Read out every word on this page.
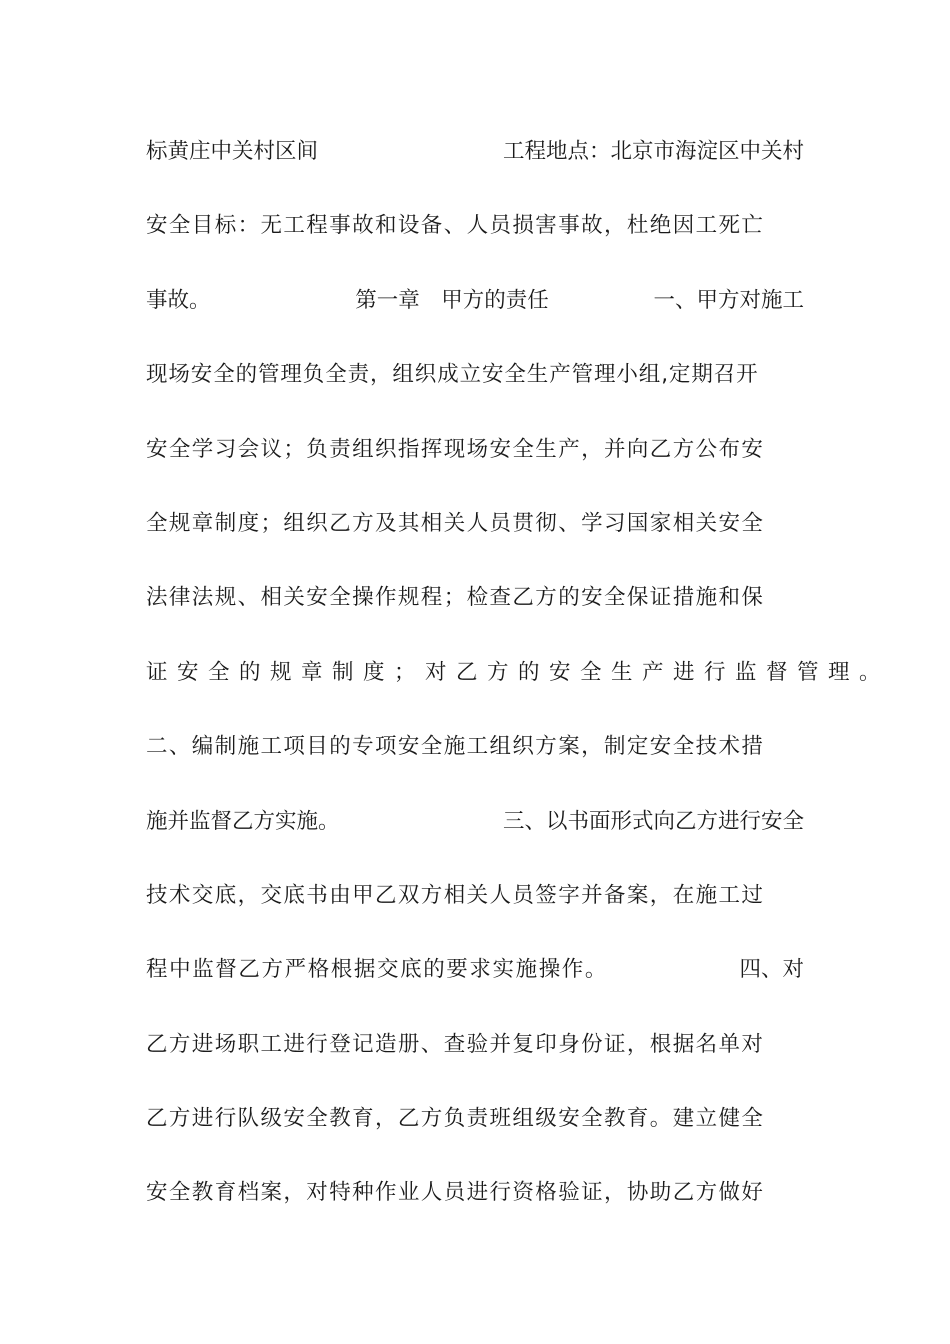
标黄庄中关村区间	工程地点：北京市海淀区中关村
安全目标：无工程事故和设备、人员损害事故，杜绝因工死亡
事故。	第一章　甲方的责任	一、甲方对施工
现场安全的管理负全责，组织成立安全生产管理小组,定期召开
安全学习会议；负责组织指挥现场安全生产，并向乙方公布安
全规章制度；组织乙方及其相关人员贯彻、学习国家相关安全
法律法规、相关安全操作规程；检查乙方的安全保证措施和保
证安全的规章制度；对乙方的安全生产进行监督管理。
二、编制施工项目的专项安全施工组织方案，制定安全技术措
施并监督乙方实施。	三、以书面形式向乙方进行安全
技术交底，交底书由甲乙双方相关人员签字并备案，在施工过
程中监督乙方严格根据交底的要求实施操作。	四、对
乙方进场职工进行登记造册、查验并复印身份证，根据名单对
乙方进行队级安全教育，乙方负责班组级安全教育。建立健全
安全教育档案，对特种作业人员进行资格验证，协助乙方做好
